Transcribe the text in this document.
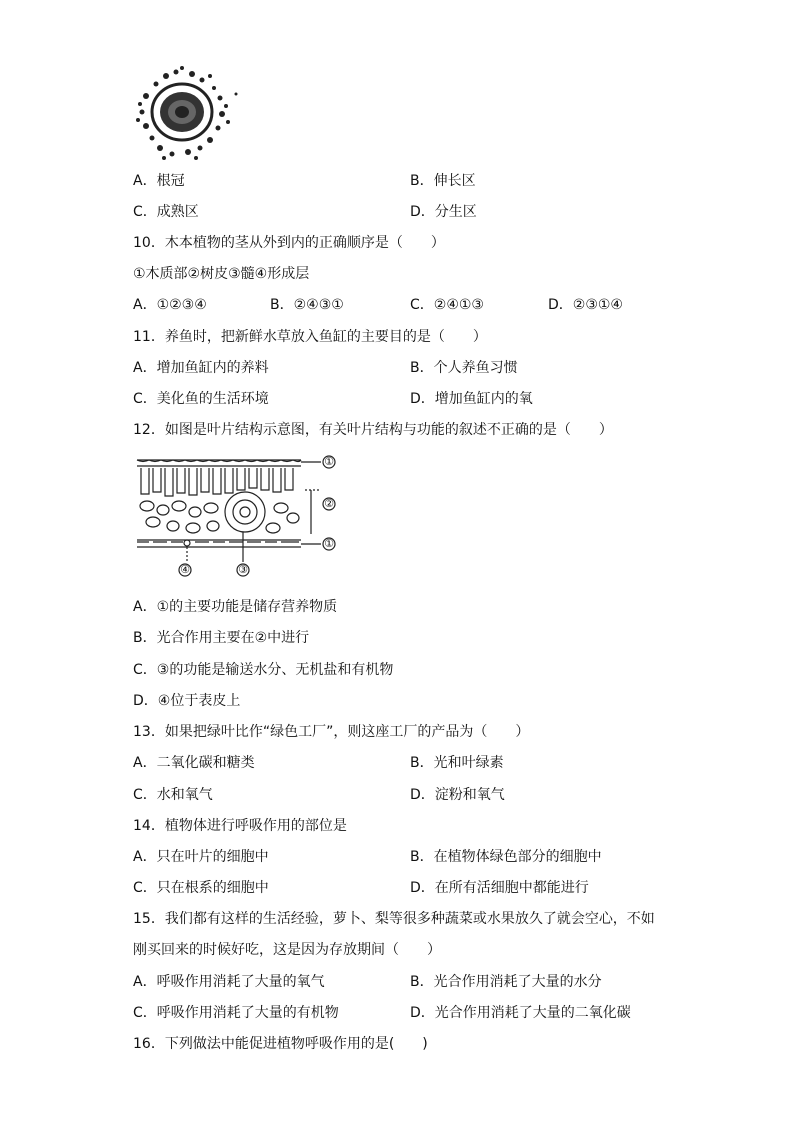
A．根冠	B．伸长区
C．成熟区	D．分生区
10．木本植物的茎从外到内的正确顺序是（　　）
①木质部②树皮③髓④形成层
A．①②③④	B．②④③①	C．②④①③	D．②③①④
11．养鱼时，把新鲜水草放入鱼缸的主要目的是（　　）
A．增加鱼缸内的养料	B．个人养鱼习惯
C．美化鱼的生活环境	D．增加鱼缸内的氧
12．如图是叶片结构示意图，有关叶片结构与功能的叙述不正确的是（　　）
A．①的主要功能是储存营养物质
B．光合作用主要在②中进行
C．③的功能是输送水分、无机盐和有机物
D．④位于表皮上
13．如果把绿叶比作“绿色工厂”，则这座工厂的产品为（　　）
A．二氧化碳和糖类	B．光和叶绿素
C．水和氧气	D．淀粉和氧气
14．植物体进行呼吸作用的部位是
A．只在叶片的细胞中	B．在植物体绿色部分的细胞中
C．只在根系的细胞中	D．在所有活细胞中都能进行
15．我们都有这样的生活经验，萝卜、梨等很多种蔬菜或水果放久了就会空心，不如
刚买回来的时候好吃，这是因为存放期间（　　）
A．呼吸作用消耗了大量的氧气	B．光合作用消耗了大量的水分
C．呼吸作用消耗了大量的有机物	D．光合作用消耗了大量的二氧化碳
16．下列做法中能促进植物呼吸作用的是(　　)
①
②
①
④	③
